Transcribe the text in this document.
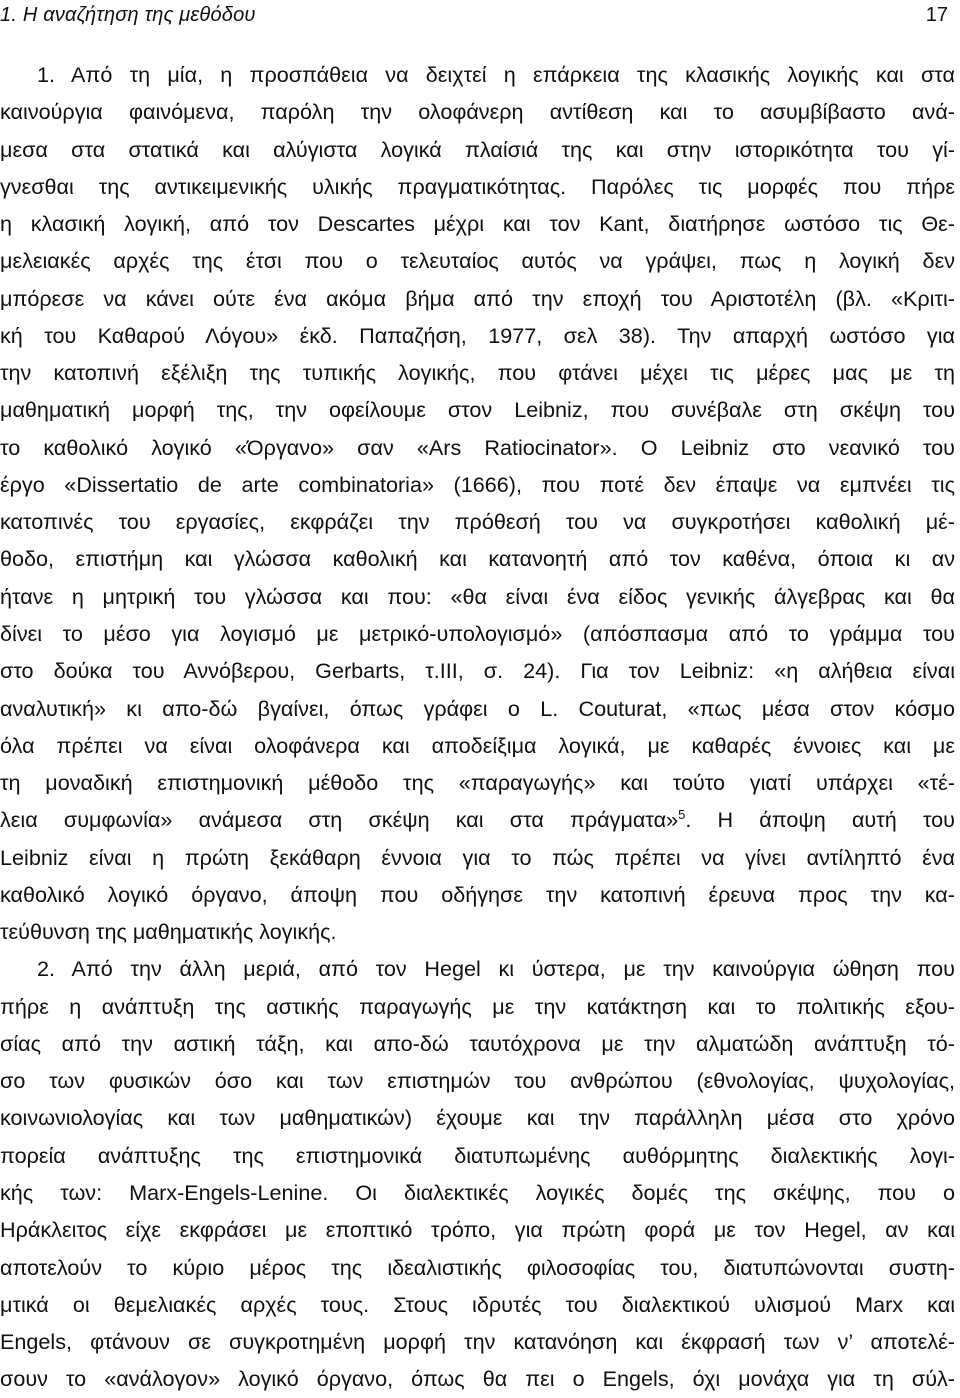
1. Η αναζήτηση της μεθόδου	17
1. Από τη μία, η προσπάθεια να δειχτεί η επάρκεια της κλασικής λογικής και στα
καινούργια φαινόμενα, παρόλη την ολοφάνερη αντίθεση και το ασυμβίβαστο ανά-
μεσα στα στατικά και αλύγιστα λογικά πλαίσιά της και στην ιστορικότητα του γί-
γνεσθαι της αντικειμενικής υλικής πραγματικότητας. Παρόλες τις μορφές που πήρε
η κλασική λογική, από τον Descartes μέχρι και τον Kant, διατήρησε ωστόσο τις Θε-
μελειακές αρχές της έτσι που ο τελευταίος αυτός να γράψει, πως η λογική δεν
μπόρεσε να κάνει ούτε ένα ακόμα βήμα από την εποχή του Αριστοτέλη (βλ. «Κριτι-
κή του Καθαρού Λόγου» έκδ. Παπαζήση, 1977, σελ 38). Την απαρχή ωστόσο για
την κατοπινή εξέλιξη της τυπικής λογικής, που φτάνει μέχει τις μέρες μας με τη
μαθηματική μορφή της, την οφείλουμε στον Leibniz, που συνέβαλε στη σκέψη του
το καθολικό λογικό «Όργανο» σαν «Ars Ratiocinator». O Leibniz στο νεανικό του
έργο «Dissertatio de arte combinatoria» (1666), που ποτέ δεν έπαψε να εμπνέει τις
κατοπινές του εργασίες, εκφράζει την πρόθεσή του να συγκροτήσει καθολική μέ-
θοδο, επιστήμη και γλώσσα καθολική και κατανοητή από τον καθένα, όποια κι αν
ήτανε η μητρική του γλώσσα και που: «θα είναι ένα είδος γενικής άλγεβρας και θα
δίνει το μέσο για λογισμό με μετρικό-υπολογισμό» (απόσπασμα από το γράμμα του
στο δούκα του Αννόβερου, Gerbarts, τ.III, σ. 24). Για τον Leibniz: «η αλήθεια είναι
αναλυτική» κι απο-δώ βγαίνει, όπως γράφει ο L. Couturat, «πως μέσα στον κόσμο
όλα πρέπει να είναι ολοφάνερα και αποδείξιμα λογικά, με καθαρές έννοιες και με
τη μοναδική επιστημονική μέθοδο της «παραγωγής» και τούτο γιατί υπάρχει «τέ-
λεια συμφωνία» ανάμεσα στη σκέψη και στα πράγματα»$^5$. Η άποψη αυτή του
Leibniz είναι η πρώτη ξεκάθαρη έννοια για το πώς πρέπει να γίνει αντίληπτό ένα
καθολικό λογικό όργανο, άποψη που οδήγησε την κατοπινή έρευνα προς την κα-
τεύθυνση της μαθηματικής λογικής.
2. Από την άλλη μεριά, από τον Hegel κι ύστερα, με την καινούργια ώθηση που
πήρε η ανάπτυξη της αστικής παραγωγής με την κατάκτηση και το πολιτικής εξου-
σίας από την αστική τάξη, και απο-δώ ταυτόχρονα με την αλματώδη ανάπτυξη τό-
σο των φυσικών όσο και των επιστημών του ανθρώπου (εθνολογίας, ψυχολογίας,
κοινωνιολογίας και των μαθηματικών) έχουμε και την παράλληλη μέσα στο χρόνο
πορεία ανάπτυξης της επιστημονικά διατυπωμένης αυθόρμητης διαλεκτικής λογι-
κής των: Marx-Engels-Lenine. Οι διαλεκτικές λογικές δομές της σκέψης, που ο
Ηράκλειτος είχε εκφράσει με εποπτικό τρόπο, για πρώτη φορά με τον Hegel, αν και
αποτελούν το κύριο μέρος της ιδεαλιστικής φιλοσοφίας του, διατυπώνονται συστη-
μτικά οι θεμελιακές αρχές τους. Στους ιδρυτές του διαλεκτικού υλισμού Marx και
Engels, φτάνουν σε συγκροτημένη μορφή την κατανόηση και έκφρασή των ν’ αποτελέ-
σουν το «ανάλογον» λογικό όργανο, όπως θα πει ο Engels, όχι μονάχα για τη σύλ-
